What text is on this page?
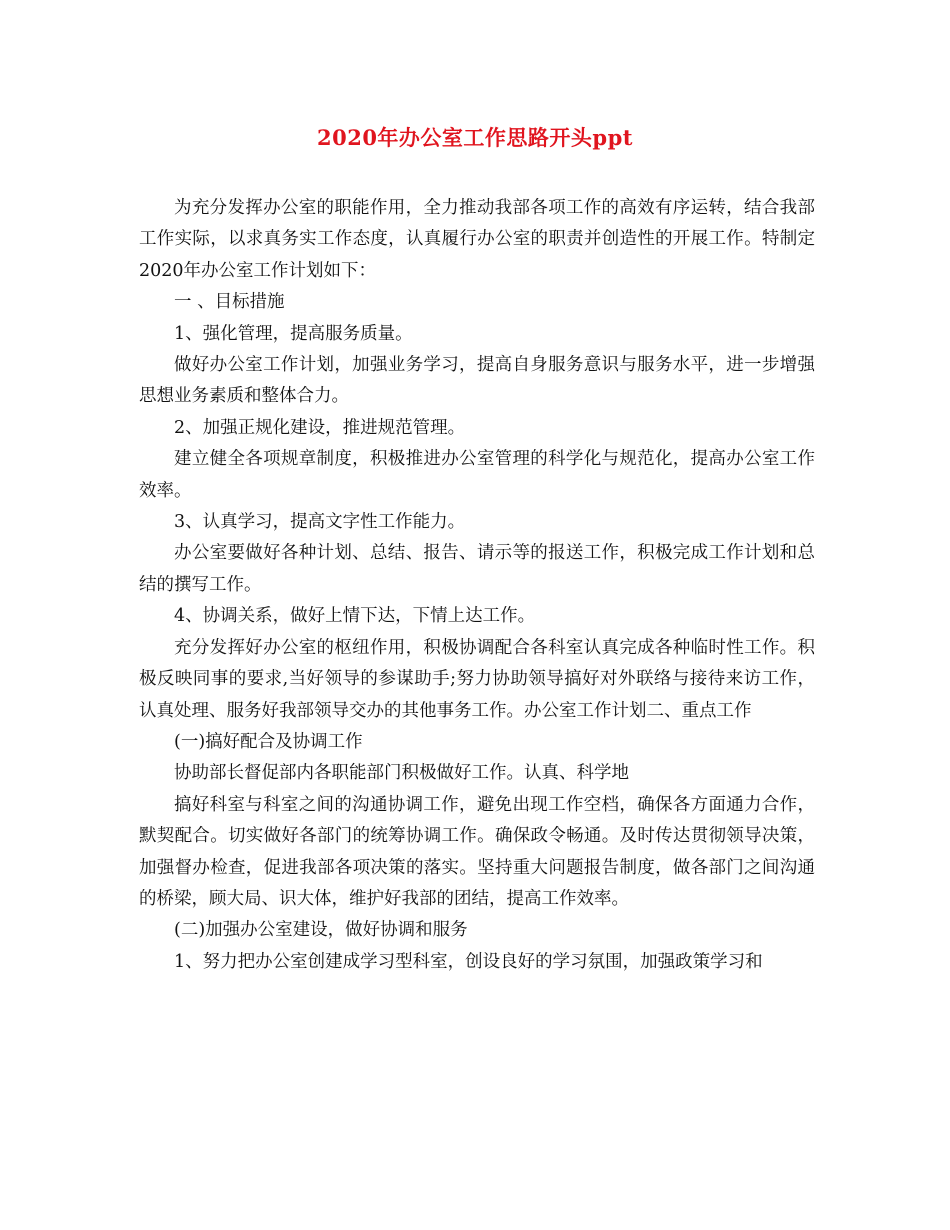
2020年办公室工作思路开头ppt

为充分发挥办公室的职能作用，全力推动我部各项工作的高效有序运转，结合我部工作实际，以求真务实工作态度，认真履行办公室的职责并创造性的开展工作。特制定2020年办公室工作计划如下：

一 、目标措施

1、强化管理，提高服务质量。

做好办公室工作计划，加强业务学习，提高自身服务意识与服务水平，进一步增强思想业务素质和整体合力。

2、加强正规化建设，推进规范管理。

建立健全各项规章制度，积极推进办公室管理的科学化与规范化，提高办公室工作效率。

3、认真学习，提高文字性工作能力。

办公室要做好各种计划、总结、报告、请示等的报送工作，积极完成工作计划和总结的撰写工作。

4、协调关系，做好上情下达，下情上达工作。

充分发挥好办公室的枢纽作用，积极协调配合各科室认真完成各种临时性工作。积极反映同事的要求,当好领导的参谋助手;努力协助领导搞好对外联络与接待来访工作，认真处理、服务好我部领导交办的其他事务工作。办公室工作计划二、重点工作

(一)搞好配合及协调工作

协助部长督促部内各职能部门积极做好工作。认真、科学地

搞好科室与科室之间的沟通协调工作，避免出现工作空档，确保各方面通力合作，默契配合。切实做好各部门的统筹协调工作。确保政令畅通。及时传达贯彻领导决策，加强督办检查，促进我部各项决策的落实。坚持重大问题报告制度，做各部门之间沟通的桥梁，顾大局、识大体，维护好我部的团结，提高工作效率。

(二)加强办公室建设，做好协调和服务

1、努力把办公室创建成学习型科室，创设良好的学习氛围，加强政策学习和
